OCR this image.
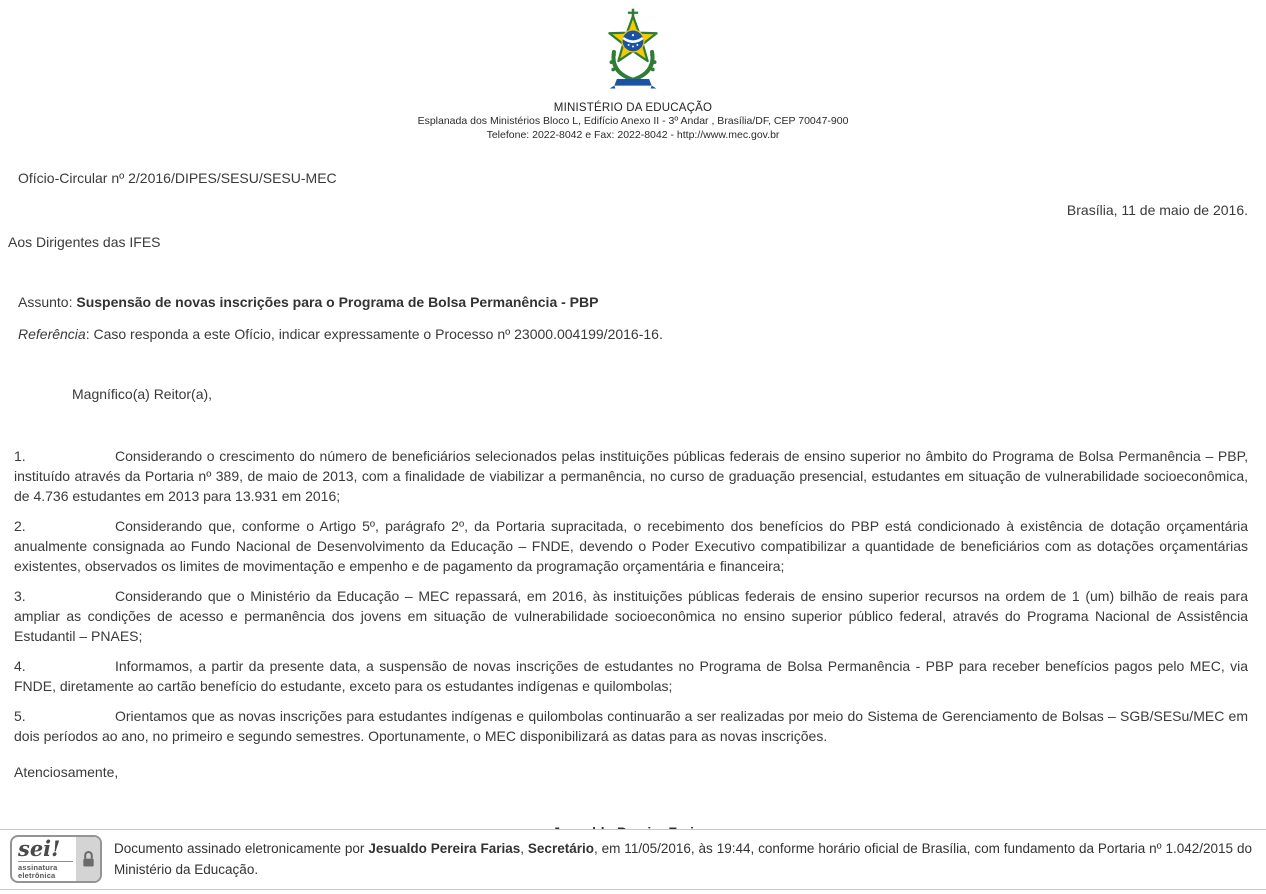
MINISTÉRIO DA EDUCAÇÃO
Esplanada dos Ministérios Bloco L, Edifício Anexo II - 3º Andar , Brasília/DF, CEP 70047-900
Telefone: 2022-8042 e Fax: 2022-8042 - http://www.mec.gov.br

Ofício-Circular nº 2/2016/DIPES/SESU/SESU-MEC

Brasília, 11 de maio de 2016.

Aos Dirigentes das IFES

Assunto: Suspensão de novas inscrições para o Programa de Bolsa Permanência - PBP

Referência: Caso responda a este Ofício, indicar expressamente o Processo nº 23000.004199/2016-16.

Magnífico(a) Reitor(a),

1.	Considerando o crescimento do número de beneficiários selecionados pelas instituições públicas federais de ensino superior no âmbito do Programa de Bolsa Permanência – PBP, instituído através da Portaria nº 389, de maio de 2013, com a finalidade de viabilizar a permanência, no curso de graduação presencial, estudantes em situação de vulnerabilidade socioeconômica, de 4.736 estudantes em 2013 para 13.931 em 2016;
2.	Considerando que, conforme o Artigo 5º, parágrafo 2º, da Portaria supracitada, o recebimento dos benefícios do PBP está condicionado à existência de dotação orçamentária anualmente consignada ao Fundo Nacional de Desenvolvimento da Educação – FNDE, devendo o Poder Executivo compatibilizar a quantidade de beneficiários com as dotações orçamentárias existentes, observados os limites de movimentação e empenho e de pagamento da programação orçamentária e financeira;
3.	Considerando que o Ministério da Educação – MEC repassará, em 2016, às instituições públicas federais de ensino superior recursos na ordem de 1 (um) bilhão de reais para ampliar as condições de acesso e permanência dos jovens em situação de vulnerabilidade socioeconômica no ensino superior público federal, através do Programa Nacional de Assistência Estudantil – PNAES;
4.	Informamos, a partir da presente data, a suspensão de novas inscrições de estudantes no Programa de Bolsa Permanência - PBP para receber benefícios pagos pelo MEC, via FNDE, diretamente ao cartão benefício do estudante, exceto para os estudantes indígenas e quilombolas;
5.	Orientamos que as novas inscrições para estudantes indígenas e quilombolas continuarão a ser realizadas por meio do Sistema de Gerenciamento de Bolsas – SGB/SESu/MEC em dois períodos ao ano, no primeiro e segundo semestres. Oportunamente, o MEC disponibilizará as datas para as novas inscrições.

Atenciosamente,

sei!
assinatura eletrônica

Documento assinado eletronicamente por Jesualdo Pereira Farias, Secretário, em 11/05/2016, às 19:44, conforme horário oficial de Brasília, com fundamento da Portaria nº 1.042/2015 do Ministério da Educação.
